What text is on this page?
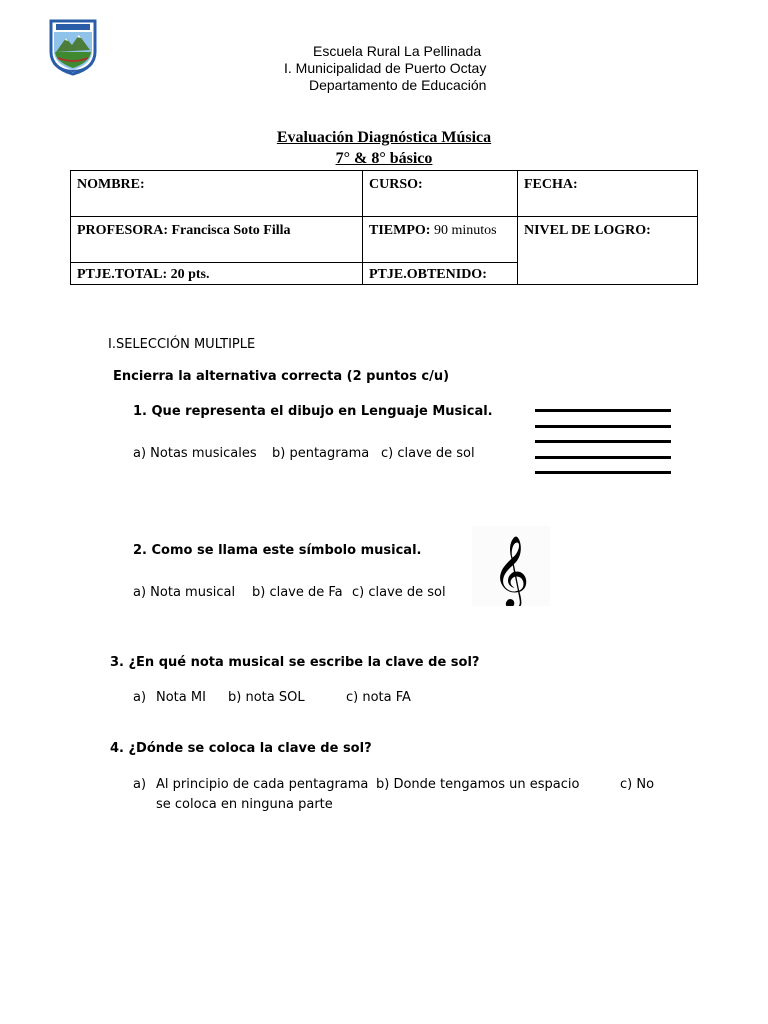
Escuela Rural La Pellinada
I. Municipalidad de Puerto Octay
Departamento de Educación
Evaluación Diagnóstica Música
7° & 8° básico
NOMBRE:	CURSO:	FECHA:
PROFESORA: Francisca Soto Filla	TIEMPO: 90 minutos	NIVEL DE LOGRO:
PTJE.TOTAL: 20 pts.	PTJE.OBTENIDO:	
I.SELECCIÓN MULTIPLE
Encierra la alternativa correcta (2 puntos c/u)
1. Que representa el dibujo en Lenguaje Musical.
a) Notas musicales b) pentagrama c) clave de sol
2. Como se llama este símbolo musical.
a) Nota musical b) clave de Fa c) clave de sol 𝄞
3. ¿En qué nota musical se escribe la clave de sol?
a) Nota MI b) nota SOL	c) nota FA
4. ¿Dónde se coloca la clave de sol?
a) Al principio de cada pentagrama b) Donde tengamos un espacio	c) No
se coloca en ninguna parte
